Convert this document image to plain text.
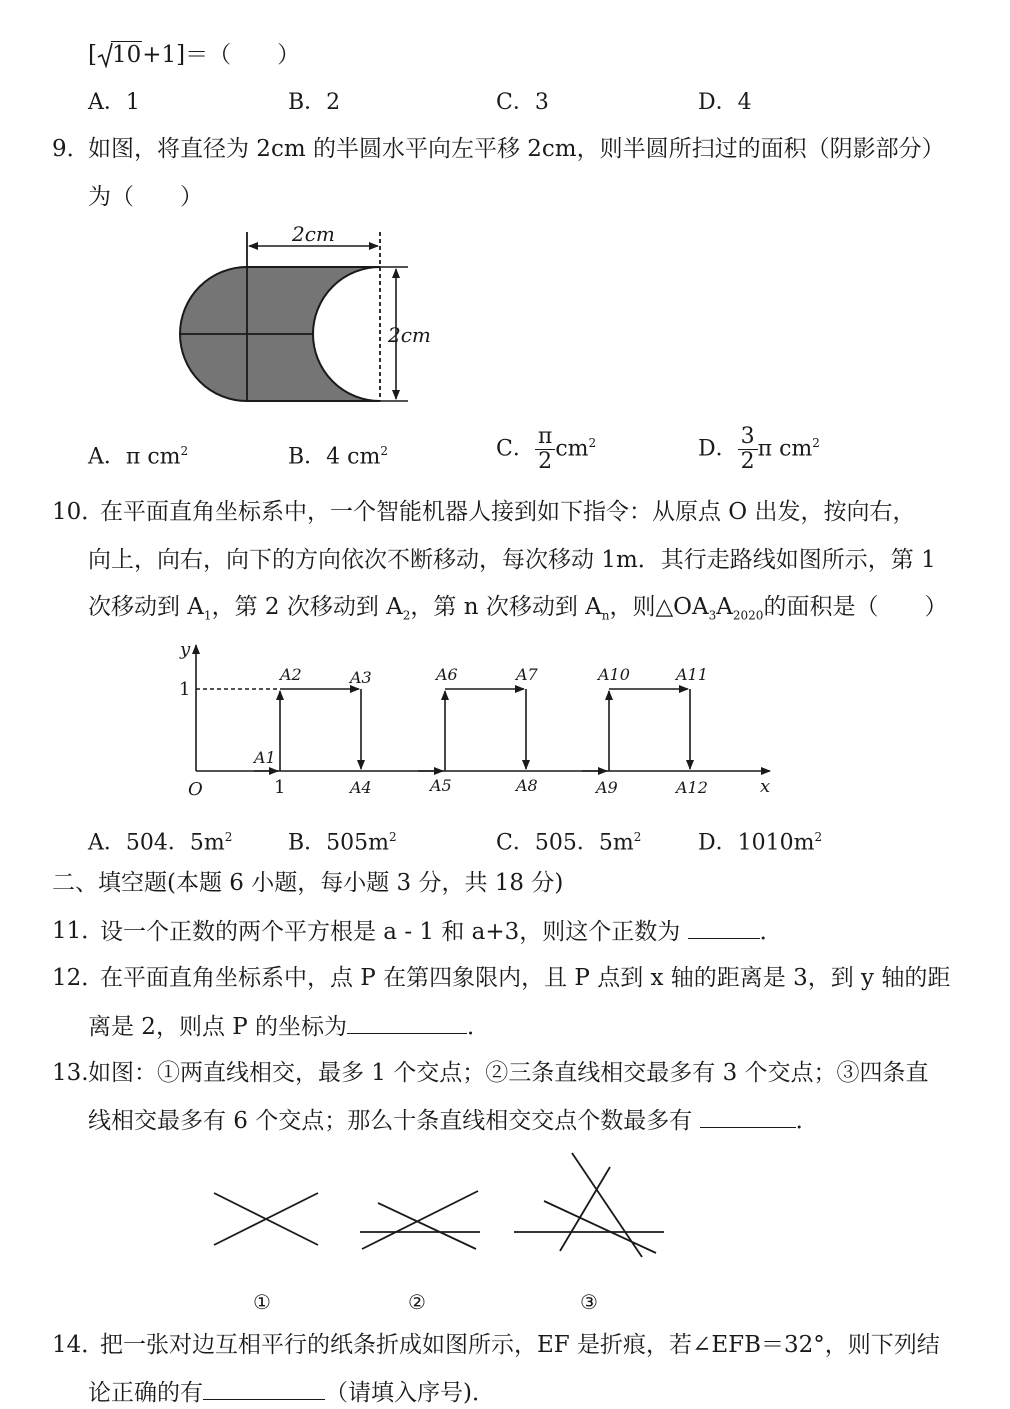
[ 10+1]＝（　　）
A．1	B．2	C．3	D．4
9．
如图，将直径为 2cm 的半圆水平向左平移 2cm，则半圆所扫过的面积（阴影部分）
为（　　）
2cm
2cm
A．π $cm^2$	B．4 $cm^2$	C． $\frac{\pi}{2} cm^2$	D． $\frac{3}{2}$ π $cm^2$
10．
在平面直角坐标系中，一个智能机器人接到如下指令：从原点 O 出发，按向右，
向上，向右，向下的方向依次不断移动，每次移动 1m．其行走路线如图所示，第 1
次移动到 $A_1$，第 2 次移动到 $A_2$，第 n 次移动到 $A_n$，则$\triangle OA_3A_{2020}$的面积是（　　）
y
x
O
1
1
A1
A2	A3
A4	A5
A6	A7
A8	A9
A10	A11
A12
A．504．$5m^2$	B．$505m^2$	C．505．$5m^2$	D．$1010m^2$
二、填空题(本题 6 小题，每小题 3 分，共 18 分)
11．
设一个正数的两个平方根是 a - 1 和 a+3，则这个正数为	．
12．
在平面直角坐标系中，点 P 在第四象限内，且 P 点到 x 轴的距离是 3，到 y 轴的距
离是 2，则点 P 的坐标为	．
13. 如图：①两直线相交，最多 1 个交点；②三条直线相交最多有 3 个交点；③四条直
线相交最多有 6 个交点；那么十条直线相交交点个数最多有	．
①	②	③
14．
把一张对边互相平行的纸条折成如图所示，EF 是折痕，若∠EFB＝32°，则下列结
论正确的有	（请填入序号)．
